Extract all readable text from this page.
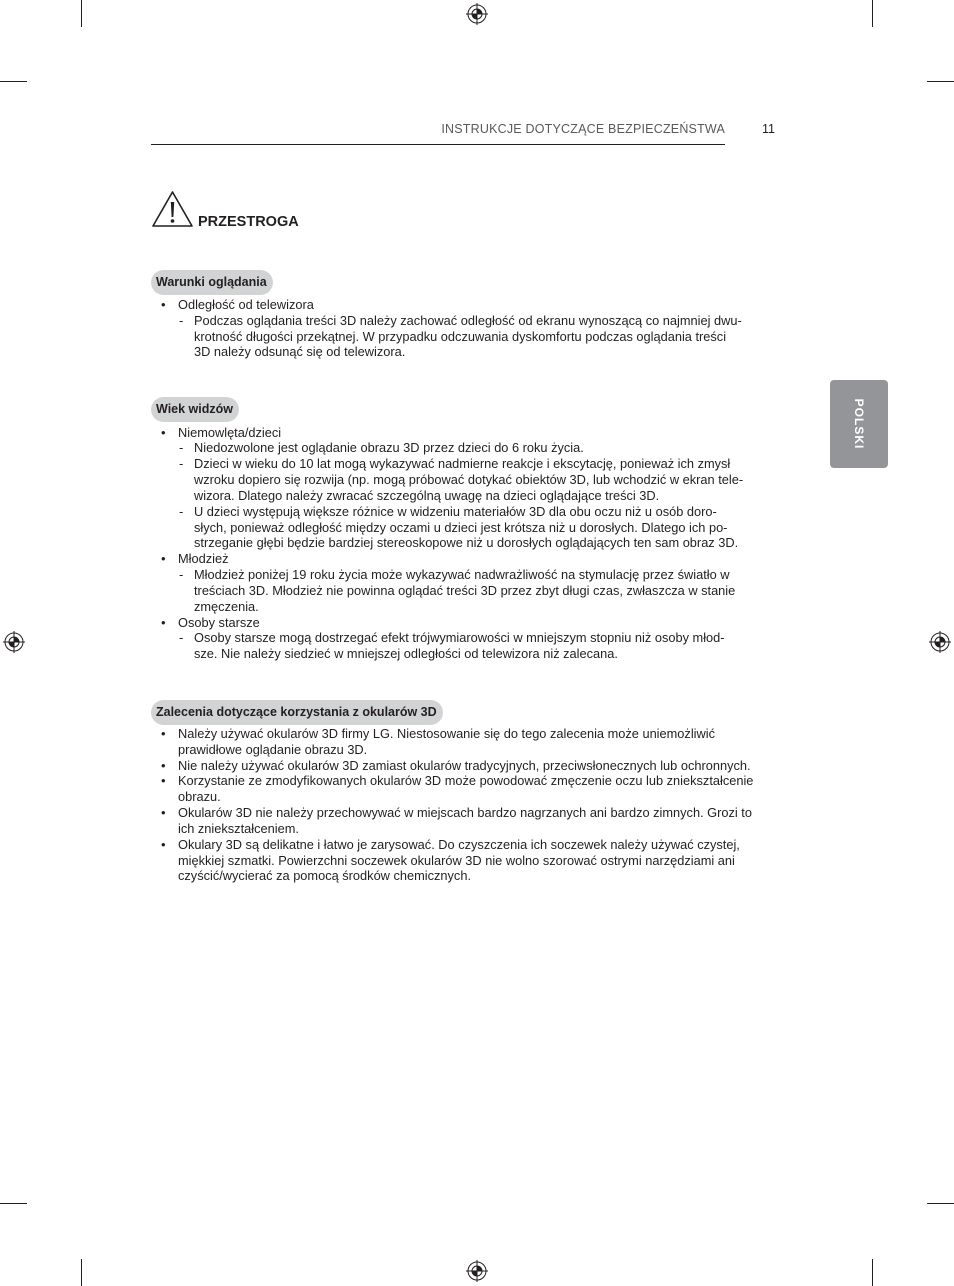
INSTRUKCJE DOTYCZĄCE BEZPIECZEŃSTWA	11
POLSKI
PRZESTROGA
Warunki oglądania
• Odległość od telewizora
- Podczas oglądania treści 3D należy zachować odległość od ekranu wynoszącą co najmniej dwu-
krotność długości przekątnej. W przypadku odczuwania dyskomfortu podczas oglądania treści
3D należy odsunąć się od telewizora.
Wiek widzów
• Niemowlęta/dzieci
- Niedozwolone jest oglądanie obrazu 3D przez dzieci do 6 roku życia.
- Dzieci w wieku do 10 lat mogą wykazywać nadmierne reakcje i ekscytację, ponieważ ich zmysł
wzroku dopiero się rozwija (np. mogą próbować dotykać obiektów 3D, lub wchodzić w ekran tele-
wizora. Dlatego należy zwracać szczególną uwagę na dzieci oglądające treści 3D.
- U dzieci występują większe różnice w widzeniu materiałów 3D dla obu oczu niż u osób doro-
słych, ponieważ odległość między oczami u dzieci jest krótsza niż u dorosłych. Dlatego ich po-
strzeganie głębi będzie bardziej stereoskopowe niż u dorosłych oglądających ten sam obraz 3D.
• Młodzież
- Młodzież poniżej 19 roku życia może wykazywać nadwrażliwość na stymulację przez światło w
treściach 3D. Młodzież nie powinna oglądać treści 3D przez zbyt długi czas, zwłaszcza w stanie
zmęczenia.
• Osoby starsze
- Osoby starsze mogą dostrzegać efekt trójwymiarowości w mniejszym stopniu niż osoby młod-
sze. Nie należy siedzieć w mniejszej odległości od telewizora niż zalecana.
Zalecenia dotyczące korzystania z okularów 3D
• Należy używać okularów 3D firmy LG. Niestosowanie się do tego zalecenia może uniemożliwić
prawidłowe oglądanie obrazu 3D.
• Nie należy używać okularów 3D zamiast okularów tradycyjnych, przeciwsłonecznych lub ochronnych.
• Korzystanie ze zmodyfikowanych okularów 3D może powodować zmęczenie oczu lub zniekształcenie
obrazu.
• Okularów 3D nie należy przechowywać w miejscach bardzo nagrzanych ani bardzo zimnych. Grozi to
ich zniekształceniem.
• Okulary 3D są delikatne i łatwo je zarysować. Do czyszczenia ich soczewek należy używać czystej,
miękkiej szmatki. Powierzchni soczewek okularów 3D nie wolno szorować ostrymi narzędziami ani
czyścić/wycierać za pomocą środków chemicznych.
